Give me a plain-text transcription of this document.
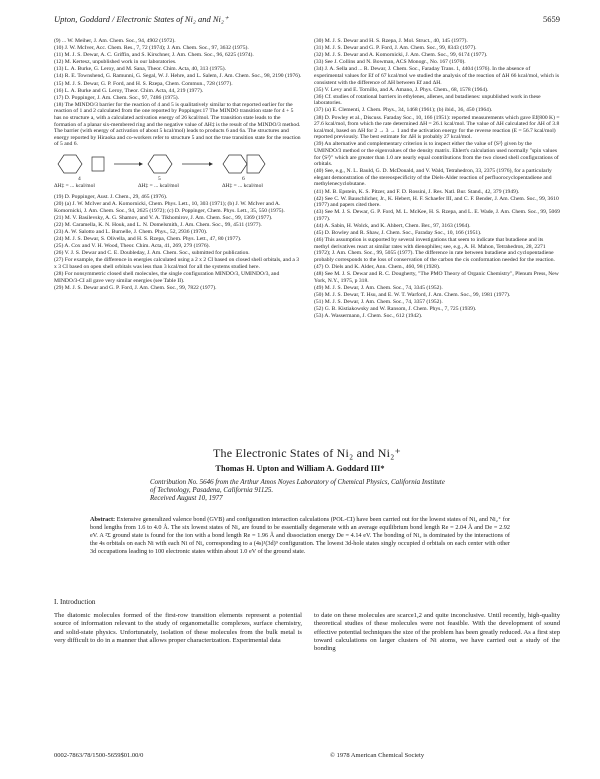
Upton, Goddard / Electronic States of Ni₂ and Ni₂⁺	5659
(9) ... W. Meiher, J. Am. Chem. Soc., 94, 4902 (1972).
(10) J. W. McIver, Acc. Chem. Res., 7, 72 (1974); J. Am. Chem. Soc., 97, 3632 (1975).
(11) M. J. S. Dewar, A. C. Griffin, and S. Kirschner, J. Am. Chem. Soc., 96, 6225 (1974).
(12) M. Kertesz, unpublished work in our laboratories.
(13) L. A. Burke, G. Leroy, and M. Sana, Theor. Chim. Acta, 40, 313 (1975).
(14) R. E. Townshend, G. Ramunni, G. Segal, W. J. Hehre, and L. Salem, J. Am. Chem. Soc., 98, 2190 (1976).
(15) M. J. S. Dewar, G. P. Ford, and H. S. Rzepa, Chem. Commun., 728 (1977).
(16) L. A. Burke and G. Leroy, Theor. Chim. Acta, 44, 219 (1977).
(17) D. Poppinger, J. Am. Chem. Soc., 97, 7486 (1975).
(18) The MINDO/3 barrier for the reaction of 4 and 5 is qualitatively similar to that reported earlier for the reaction of 1 and 2 calculated from the one reported by Poppinger.17 The MINDO transition state for 4 + 5 has no structure a, with a calculated activation energy of 26 kcal/mol. The transition state leads to the formation of a planar six-membered ring and the negative value of ΔH‡ is the result of the MINDO/3 method. The barrier (with energy of activation of about 5 kcal/mol) leads to products 6 and 6a. The structures and energy reported by Hiraoka and co-workers refer to structure 5 and not the true transition state for the reaction of 5 and 6.
4	5	6
ΔH‡ = ... kcal/mol	ΔH‡ = ... kcal/mol	ΔH‡ = ... kcal/mol
(19) D. Poppinger, Aust. J. Chem., 29, 465 (1976).
(20) (a) J. W. McIver and A. Komornicki, Chem. Phys. Lett., 10, 303 (1971); (b) J. W. McIver and A. Komornicki, J. Am. Chem. Soc., 94, 2625 (1972); (c) D. Poppinger, Chem. Phys. Lett., 35, 550 (1975).
(21) M. V. Basilevsky, A. G. Shamov, and V. A. Tikhomirov, J. Am. Chem. Soc., 99, 1369 (1977).
(22) M. Caramella, K. N. Houk, and L. N. Domelsmith, J. Am. Chem. Soc., 99, 4511 (1977).
(23) A. W. Salotto and L. Burnelle, J. Chem. Phys., 52, 2936 (1970).
(24) M. J. S. Dewar, S. Olivella, and H. S. Rzepa, Chem. Phys. Lett., 47, 80 (1977).
(25) A. Cox and V. H. Wood, Theor. Chim. Acta, 41, 269, 279 (1976).
(26) V. J. S. Dewar and C. E. Doubleday, J. Am. Chem. Soc., submitted for publication.
(27) For example, the difference in energies calculated using a 2 x 2 CI based on closed shell orbitals, and a 3 x 3 CI based on open shell orbitals was less than 3 kcal/mol for all the systems studied here.
(28) For nonsymmetric closed shell molecules, the single configuration MINDO/3, UMINDO/3, and MINDO/3-CI all gave very similar energies (see Table II).
(29) M. J. S. Dewar and G. P. Ford, J. Am. Chem. Soc., 99, 7822 (1977).
(30) M. J. S. Dewar and H. S. Rzepa, J. Mol. Struct., 40, 145 (1977).
(31) M. J. S. Dewar and G. P. Ford, J. Am. Chem. Soc., 99, 8343 (1977).
(32) M. J. S. Dewar and A. Komornicki, J. Am. Chem. Soc., 99, 6174 (1977).
(33) See J. Collins and N. Bowman, ACS Monogr., No. 167 (1970).
(34) J. A. Sella and ... R. Dewar, J. Chem. Soc., Faraday Trans. 1, 4404 (1976). In the absence of experimental values for Ef of 67 kcal/mol we studied the analysis of the reaction of ΔH 66 kcal/mol, which is consistent with the difference of ΔH between Ef and ΔH.
(35) V. Levy and E. Tornillo, and A. Amano, J. Phys. Chem., 68, 1578 (1964).
(36) Cf. studies of rotational barriers in ethylenes, allenes, and butadienes: unpublished work in these laboratories.
(37) (a) E. Clementi, J. Chem. Phys., 34, 1468 (1961); (b) ibid., 36, 450 (1964).
(38) D. Powley et al., Discuss. Faraday Soc., 10, 166 (1951): reported measurements which gave Ef(800 K) = 27.6 kcal/mol, from which the rate determined ΔH = 26.1 kcal/mol. The value of ΔH calculated for ΔH of 3.8 kcal/mol, based on ΔH for 2 → 3 → 1 and the activation energy for the reverse reaction (E = 56.7 kcal/mol) reported previously. The best estimate for ΔH is probably 27 kcal/mol.
(39) An alternative and complementary criterion is to inspect either the value of ⟨S²⟩ given by the UMINDO/3 method or the eigenvalues of the density matrix. Ehlert's calculation used normally "spin values for ⟨S²⟩" which are greater than 1.0 are nearly equal contributions from the two closed shell configurations of orbitals.
(40) See, e.g., N. L. Bauld, G. D. McDonald, and V. Wald, Tetrahedron, 33, 2375 (1976), for a particularly elegant demonstration of the stereospecificity of the Diels-Alder reaction of perfluorocyclopentadiene and methylenecyclobutane.
(41) M. B. Epstein, K. S. Pitzer, and F. D. Rossini, J. Res. Natl. Bur. Stand., 42, 379 (1949).
(42) See C. W. Bauschlicher, Jr., K. Hebert, H. F. Schaefer III, and C. F. Bender, J. Am. Chem. Soc., 99, 3610 (1977) and papers cited there.
(43) See M. J. S. Dewar, G. P. Ford, M. L. McKee, H. S. Rzepa, and L. E. Wade, J. Am. Chem. Soc., 99, 5069 (1977).
(44) A. Sabin, H. Wolck, and K. Ahbert, Chem. Ber., 97, 3163 (1964).
(45) D. Bowley and R. Shaw, J. Chem. Soc., Faraday Soc., 10, 166 (1951).
(46) This assumption is supported by several investigations that seem to indicate that butadiene and its methyl derivatives react at similar rates with dienophiles; see, e.g., A. H. Mahon, Tetrahedron, 28, 2271 (1972); J. Am. Chem. Soc., 99, 5055 (1977). The difference in rate between butadiene and cyclopentadiene probably corresponds to the loss of conservation of the carbon the cis conformation needed for the reaction.
(47) O. Diels and K. Alder, Ann. Chem., 460, 98 (1928).
(48) See M. J. S. Dewar and R. C. Dougherty, "The PMO Theory of Organic Chemistry", Plenum Press, New York, N.Y., 1975, p 318.
(49) M. J. S. Dewar, J. Am. Chem. Soc., 74, 3345 (1952).
(50) M. J. S. Dewar, T. Hsu, and E. W. T. Warford, J. Am. Chem. Soc., 99, 1981 (1977).
(51) M. J. S. Dewar, J. Am. Chem. Soc., 74, 3357 (1952).
(52) G. B. Kistiakowsky and W. Ransom, J. Chem. Phys., 7, 725 (1939).
(53) A. Wassermann, J. Chem. Soc., 612 (1942).
The Electronic States of Ni₂ and Ni₂⁺
Thomas H. Upton and William A. Goddard III*
Contribution No. 5646 from the Arthur Amos Noyes Laboratory of Chemical Physics, California Institute of Technology, Pasadena, California 91125.
Received August 10, 1977
Abstract: Extensive generalized valence bond (GVB) and configuration interaction calculations (POL-CI) have been carried out for the lowest states of Ni₂ and Ni₂⁺ for bond lengths from 1.6 to 4.0 Å. The six lowest states of Ni₂ are found to be essentially degenerate with an average equilibrium bond length Re = 2.04 Å and De = 2.92 eV. A ²Σ ground state is found for the ion with a bond length Re = 1.96 Å and dissociation energy De = 4.14 eV. The bonding of Ni₂ is dominated by the interactions of the 4s orbitals on each Ni with each Ni of Ni₂ corresponding to a (4s)¹(3d)⁹ configuration. The lowest 3d-hole states singly occupied d orbitals on each center with other 3d occupations leading to 100 electronic states within about 1.0 eV of the ground state.
I. Introduction
The diatomic molecules formed of the first-row transition elements represent a potential source of information relevant to the study of organometallic complexes, surface chemistry, and solid-state physics. Unfortunately, isolation of these molecules from the bulk metal is very difficult to do in a manner that allows proper characterization. Experimental data
to date on these molecules are scarce1,2 and quite inconclusive. Until recently, high-quality theoretical studies of these molecules were not feasible. With the development of sound effective potential techniques the size of the problem has been greatly reduced. As a first step toward calculations on larger clusters of Ni atoms, we have carried out a study of the bonding
0002-7863/78/1500-5659$01.00/0	© 1978 American Chemical Society
